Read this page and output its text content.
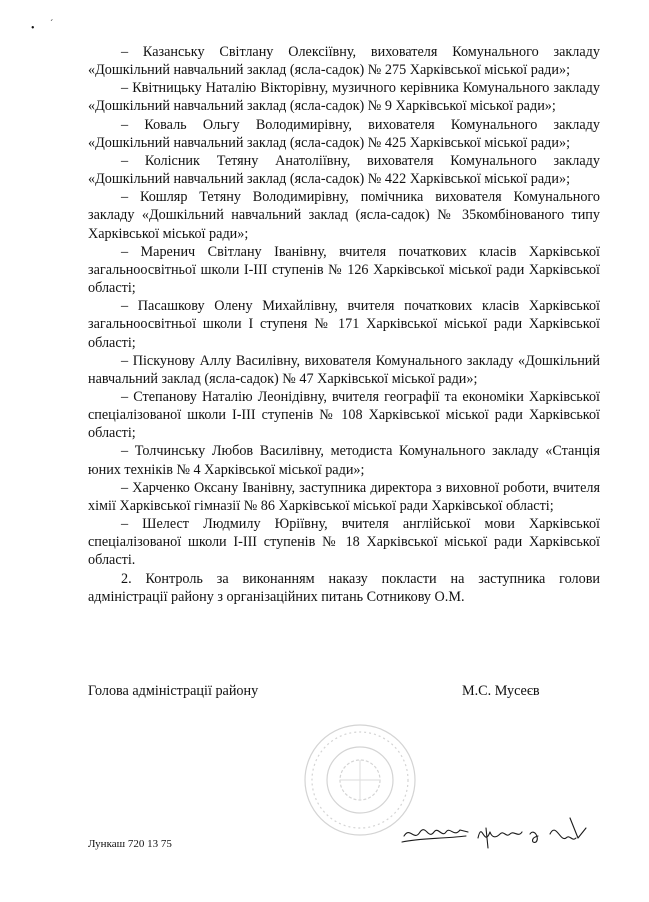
• ˊ

– Казанську Світлану Олексіївну, вихователя Комунального закладу «Дошкільний навчальний заклад (ясла-садок) № 275 Харківської міської ради»;

– Квітницьку Наталію Вікторівну, музичного керівника Комунального закладу «Дошкільний навчальний заклад (ясла-садок) № 9 Харківської міської ради»;

– Коваль Ольгу Володимирівну, вихователя Комунального закладу «Дошкільний навчальний заклад (ясла-садок) № 425 Харківської міської ради»;

– Колісник Тетяну Анатоліївну, вихователя Комунального закладу «Дошкільний навчальний заклад (ясла-садок) № 422 Харківської міської ради»;

– Кошляр Тетяну Володимирівну, помічника вихователя Комунального закладу «Дошкільний навчальний заклад (ясла-садок) № 35комбінованого типу Харківської міської ради»;

– Маренич Світлану Іванівну, вчителя початкових класів Харківської загальноосвітньої школи І-ІІІ ступенів № 126 Харківської міської ради Харківської області;

– Пасашкову Олену Михайлівну, вчителя початкових класів Харківської загальноосвітньої школи І ступеня № 171 Харківської міської ради Харківської області;

– Піскунову Аллу Василівну, вихователя Комунального закладу «Дошкільний навчальний заклад (ясла-садок) № 47 Харківської міської ради»;

– Степанову Наталію Леонідівну, вчителя географії та економіки Харківської спеціалізованої школи І-ІІІ ступенів № 108 Харківської міської ради Харківської області;

– Толчинську Любов Василівну, методиста Комунального закладу «Станція юних техніків № 4 Харківської міської ради»;

– Харченко Оксану Іванівну, заступника директора з виховної роботи, вчителя хімії Харківської гімназії № 86 Харківської міської ради Харківської області;

– Шелест Людмилу Юріївну, вчителя англійської мови Харківської спеціалізованої школи І-ІІІ ступенів № 18 Харківської міської ради Харківської області.

2. Контроль за виконанням наказу покласти на заступника голови адміністрації району з організаційних питань Сотникову О.М.

Голова адміністрації району	М.С. Мусеєв
Лункаш 720 13 75
